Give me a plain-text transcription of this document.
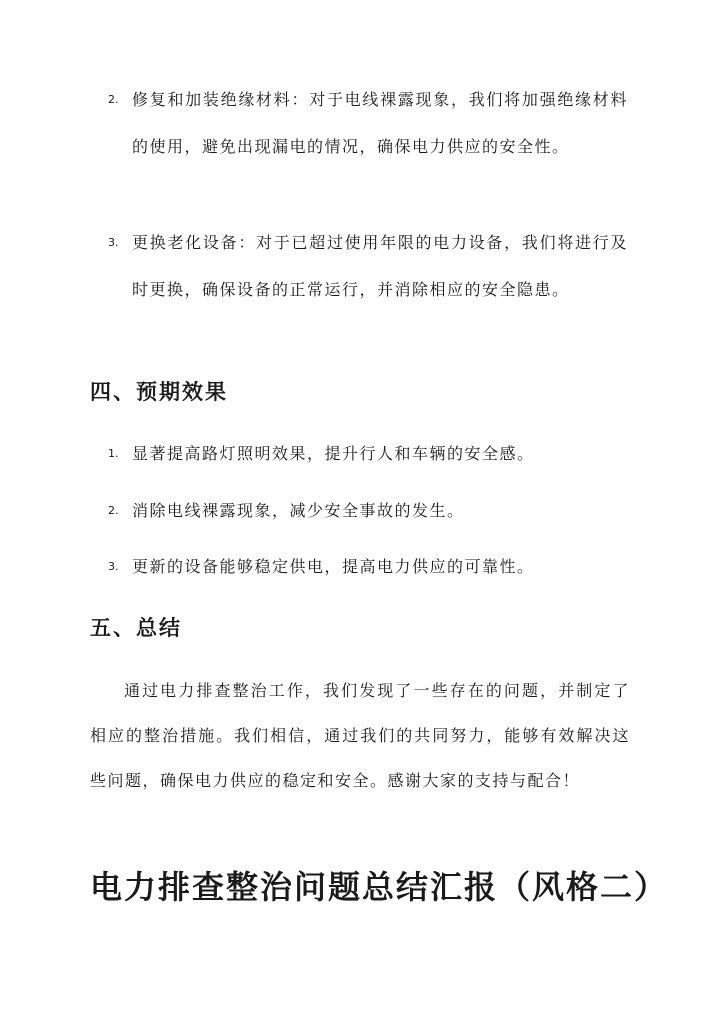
2. 修复和加装绝缘材料：对于电线裸露现象，我们将加强绝缘材料的使用，避免出现漏电的情况，确保电力供应的安全性。
3. 更换老化设备：对于已超过使用年限的电力设备，我们将进行及时更换，确保设备的正常运行，并消除相应的安全隐患。
四、预期效果
1. 显著提高路灯照明效果，提升行人和车辆的安全感。
2. 消除电线裸露现象，减少安全事故的发生。
3. 更新的设备能够稳定供电，提高电力供应的可靠性。
五、总结
通过电力排查整治工作，我们发现了一些存在的问题，并制定了相应的整治措施。我们相信，通过我们的共同努力，能够有效解决这些问题，确保电力供应的稳定和安全。感谢大家的支持与配合！
电力排查整治问题总结汇报（风格二）
